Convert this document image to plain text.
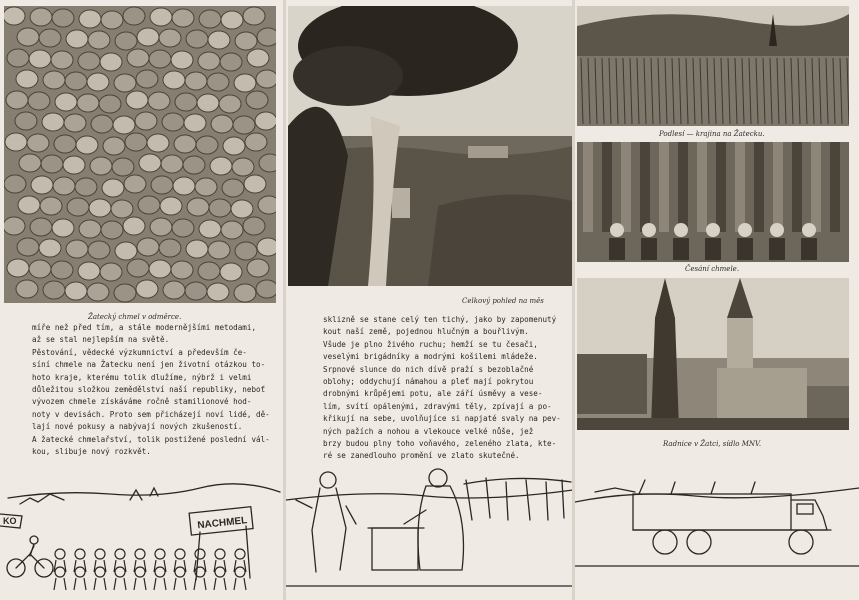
Žatecký chmel v odměrce.

míře než před tím, a stále modernějšími metodami,

až se stal nejlepším na světě.

Pěstování, vědecké výzkumnictví a především če-

síní chmele na Žatecku není jen životní otázkou to-

hoto kraje, kterému tolik dlužíme, nýbrž i velmi

důležitou složkou zemědělství naší republiky, neboť

vývozem chmele získáváme ročně stamilionové hod-

noty v devisách. Proto sem přicházejí noví lidé, dě-

lají nové pokusy a nabývají nových zkušeností.

A žatecké chmelařství, tolik postižené poslední vál-

kou, slibuje nový rozkvět.

NACHMEL
KO
Celkový pohled na měs

sklizně se stane celý ten tichý, jako by zapomenutý

kout naší země, pojednou hlučným a bouřlivým.

Všude je plno živého ruchu; hemží se tu česači,

veselými brigádníky a modrými košilemi mládeže.

Srpnové slunce do nich dívě praží s bezoblačné

oblohy; oddychují námahou a pleť mají pokrytou

drobnými krůpějemi potu, ale září úsměvy a vese-

lím, svítí opálenými, zdravými těly, zpívají a po-

křikují na sebe, uvolňujíce si napjaté svaly na pev-

ných pažích a nohou a vlekouce velké nůše, jež

brzy budou plny toho voňavého, zeleného zlata, kte-

ré se zanedlouho promění ve zlato skutečné.

Podlesí — krajina na Žatecku.
Česání chmele.
Radnice v Žatci, sídlo MNV.
